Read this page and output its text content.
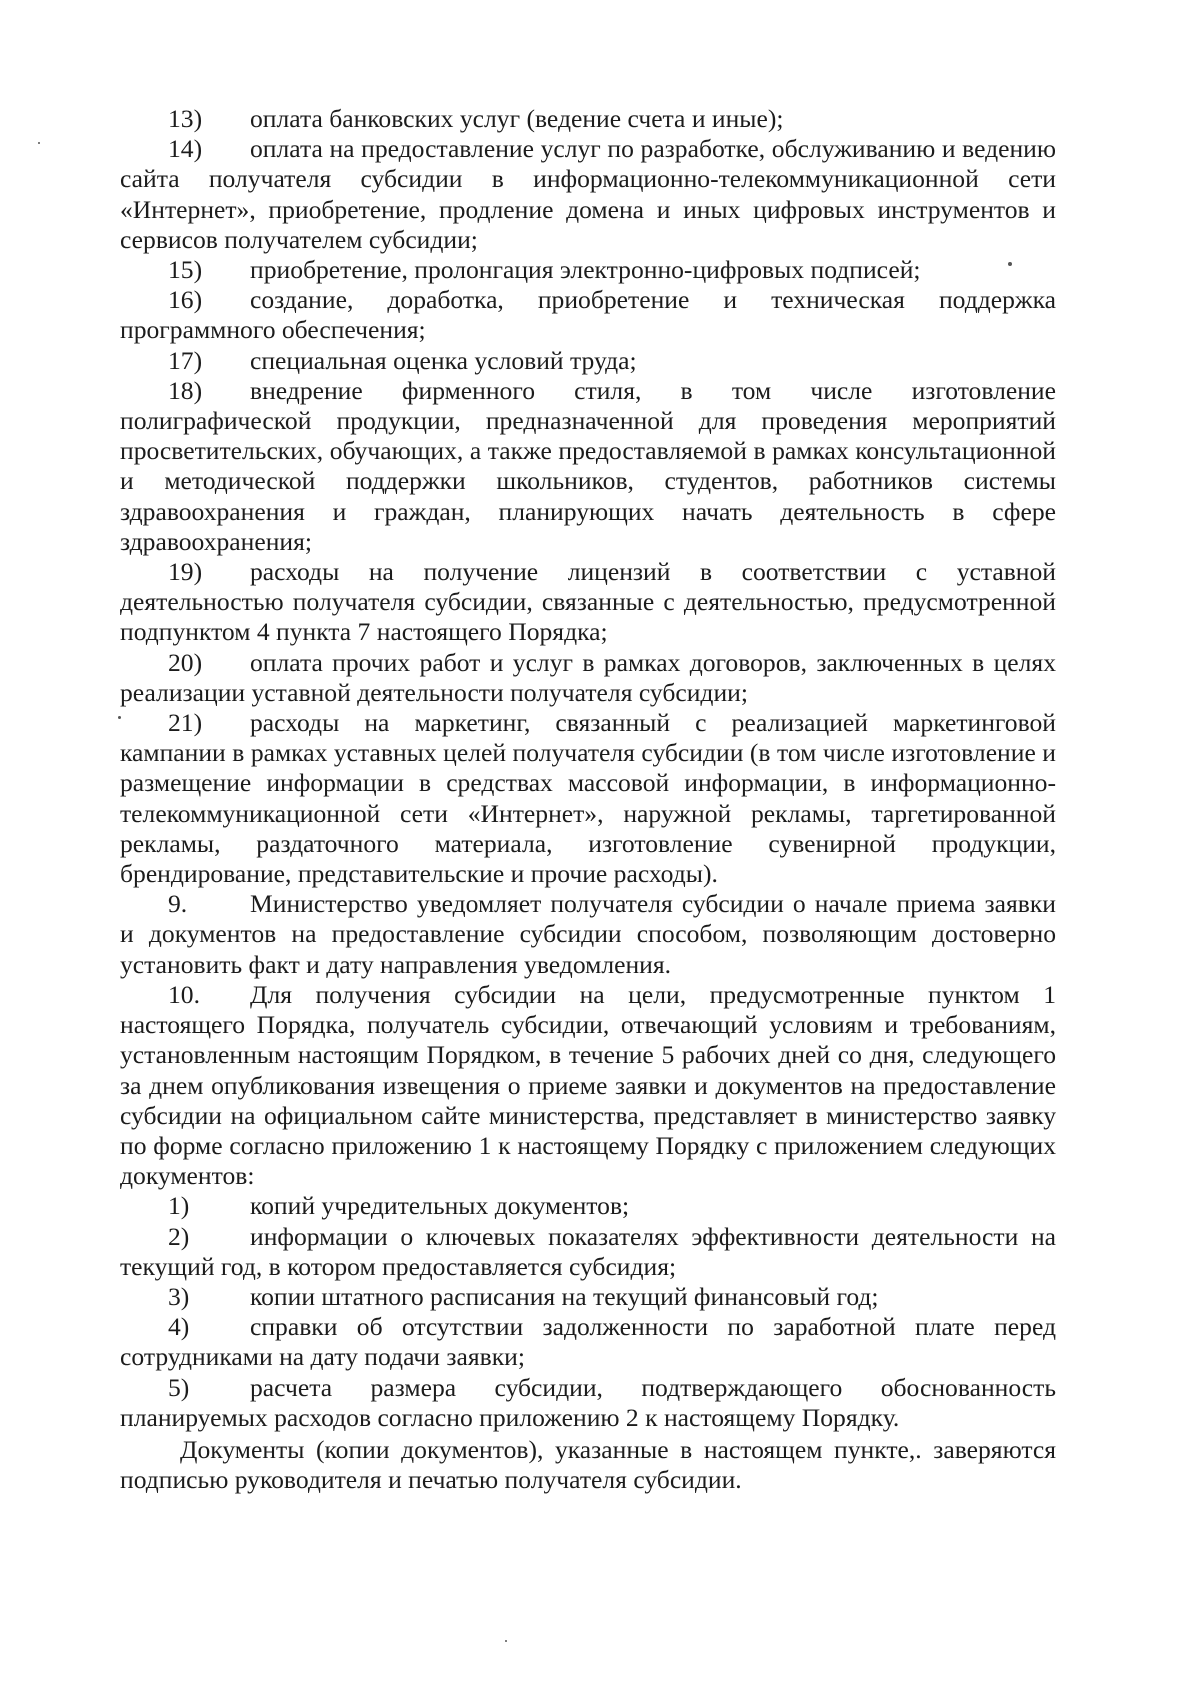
13) оплата банковских услуг (ведение счета и иные);

14) оплата на предоставление услуг по разработке, обслуживанию и ведению сайта получателя субсидии в информационно-телекоммуникационной сети «Интернет», приобретение, продление домена и иных цифровых инструментов и сервисов получателем субсидии;

15) приобретение, пролонгация электронно-цифровых подписей;

16) создание, доработка, приобретение и техническая поддержка программного обеспечения;

17) специальная оценка условий труда;

18) внедрение фирменного стиля, в том числе изготовление полиграфической продукции, предназначенной для проведения мероприятий просветительских, обучающих, а также предоставляемой в рамках консультационной и методической поддержки школьников, студентов, работников системы здравоохранения и граждан, планирующих начать деятельность в сфере здравоохранения;

19) расходы на получение лицензий в соответствии с уставной деятельностью получателя субсидии, связанные с деятельностью, предусмотренной подпунктом 4 пункта 7 настоящего Порядка;

20) оплата прочих работ и услуг в рамках договоров, заключенных в целях реализации уставной деятельности получателя субсидии;

21) расходы на маркетинг, связанный с реализацией маркетинговой кампании в рамках уставных целей получателя субсидии (в том числе изготовление и размещение информации в средствах массовой информации, в информационно-телекоммуникационной сети «Интернет», наружной рекламы, таргетированной рекламы, раздаточного материала, изготовление сувенирной продукции, брендирование, представительские и прочие расходы).

9. Министерство уведомляет получателя субсидии о начале приема заявки и документов на предоставление субсидии способом, позволяющим достоверно установить факт и дату направления уведомления.

10. Для получения субсидии на цели, предусмотренные пунктом 1 настоящего Порядка, получатель субсидии, отвечающий условиям и требованиям, установленным настоящим Порядком, в течение 5 рабочих дней со дня, следующего за днем опубликования извещения о приеме заявки и документов на предоставление субсидии на официальном сайте министерства, представляет в министерство заявку по форме согласно приложению 1 к настоящему Порядку с приложением следующих документов:

1) копий учредительных документов;

2) информации о ключевых показателях эффективности деятельности на текущий год, в котором предоставляется субсидия;

3) копии штатного расписания на текущий финансовый год;

4) справки об отсутствии задолженности по заработной плате перед сотрудниками на дату подачи заявки;

5) расчета размера субсидии, подтверждающего обоснованность планируемых расходов согласно приложению 2 к настоящему Порядку.

Документы (копии документов), указанные в настоящем пункте,. заверяются подписью руководителя и печатью получателя субсидии.
